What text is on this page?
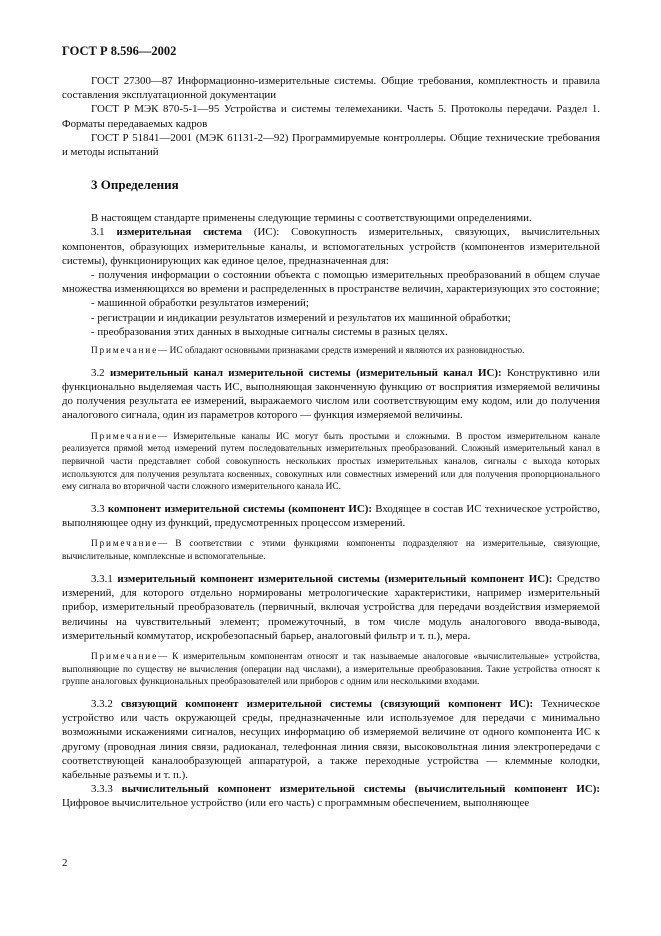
ГОСТ Р 8.596—2002

ГОСТ 27300—87 Информационно-измерительные системы. Общие требования, комплектность и правила составления эксплуатационной документации

ГОСТ Р МЭК 870-5-1—95 Устройства и системы телемеханики. Часть 5. Протоколы передачи. Раздел 1. Форматы передаваемых кадров

ГОСТ Р 51841—2001 (МЭК 61131-2—92) Программируемые контроллеры. Общие технические требования и методы испытаний

3 Определения

В настоящем стандарте применены следующие термины с соответствующими определениями.

3.1 измерительная система (ИС): Совокупность измерительных, связующих, вычислительных компонентов, образующих измерительные каналы, и вспомогательных устройств (компонентов измерительной системы), функционирующих как единое целое, предназначенная для:

- получения информации о состоянии объекта с помощью измерительных преобразований в общем случае множества изменяющихся во времени и распределенных в пространстве величин, характеризующих это состояние;

- машинной обработки результатов измерений;

- регистрации и индикации результатов измерений и результатов их машинной обработки;

- преобразования этих данных в выходные сигналы системы в разных целях.

Примечание— ИС обладают основными признаками средств измерений и являются их разновидностью.

3.2 измерительный канал измерительной системы (измерительный канал ИС): Конструктивно или функционально выделяемая часть ИС, выполняющая законченную функцию от восприятия измеряемой величины до получения результата ее измерений, выражаемого числом или соответствующим ему кодом, или до получения аналогового сигнала, один из параметров которого — функция измеряемой величины.

Примечание— Измерительные каналы ИС могут быть простыми и сложными. В простом измерительном канале реализуется прямой метод измерений путем последовательных измерительных преобразований. Сложный измерительный канал в первичной части представляет собой совокупность нескольких простых измерительных каналов, сигналы с выхода которых используются для получения результата косвенных, совокупных или совместных измерений или для получения пропорционального ему сигнала во вторичной части сложного измерительного канала ИС.

3.3 компонент измерительной системы (компонент ИС): Входящее в состав ИС техническое устройство, выполняющее одну из функций, предусмотренных процессом измерений.

Примечание— В соответствии с этими функциями компоненты подразделяют на измерительные, связующие, вычислительные, комплексные и вспомогательные.

3.3.1 измерительный компонент измерительной системы (измерительный компонент ИС): Средство измерений, для которого отдельно нормированы метрологические характеристики, например измерительный прибор, измерительный преобразователь (первичный, включая устройства для передачи воздействия измеряемой величины на чувствительный элемент; промежуточный, в том числе модуль аналогового ввода-вывода, измерительный коммутатор, искробезопасный барьер, аналоговый фильтр и т. п.), мера.

Примечание— К измерительным компонентам относят и так называемые аналоговые «вычислительные» устройства, выполняющие по существу не вычисления (операции над числами), а измерительные преобразования. Такие устройства относят к группе аналоговых функциональных преобразователей или приборов с одним или несколькими входами.

3.3.2 связующий компонент измерительной системы (связующий компонент ИС): Техническое устройство или часть окружающей среды, предназначенные или используемое для передачи с минимально возможными искажениями сигналов, несущих информацию об измеряемой величине от одного компонента ИС к другому (проводная линия связи, радиоканал, телефонная линия связи, высоковольтная линия электропередачи с соответствующей каналообразующей аппаратурой, а также переходные устройства — клеммные колодки, кабельные разъемы и т. п.).

3.3.3 вычислительный компонент измерительной системы (вычислительный компонент ИС): Цифровое вычислительное устройство (или его часть) с программным обеспечением, выполняющее

2
